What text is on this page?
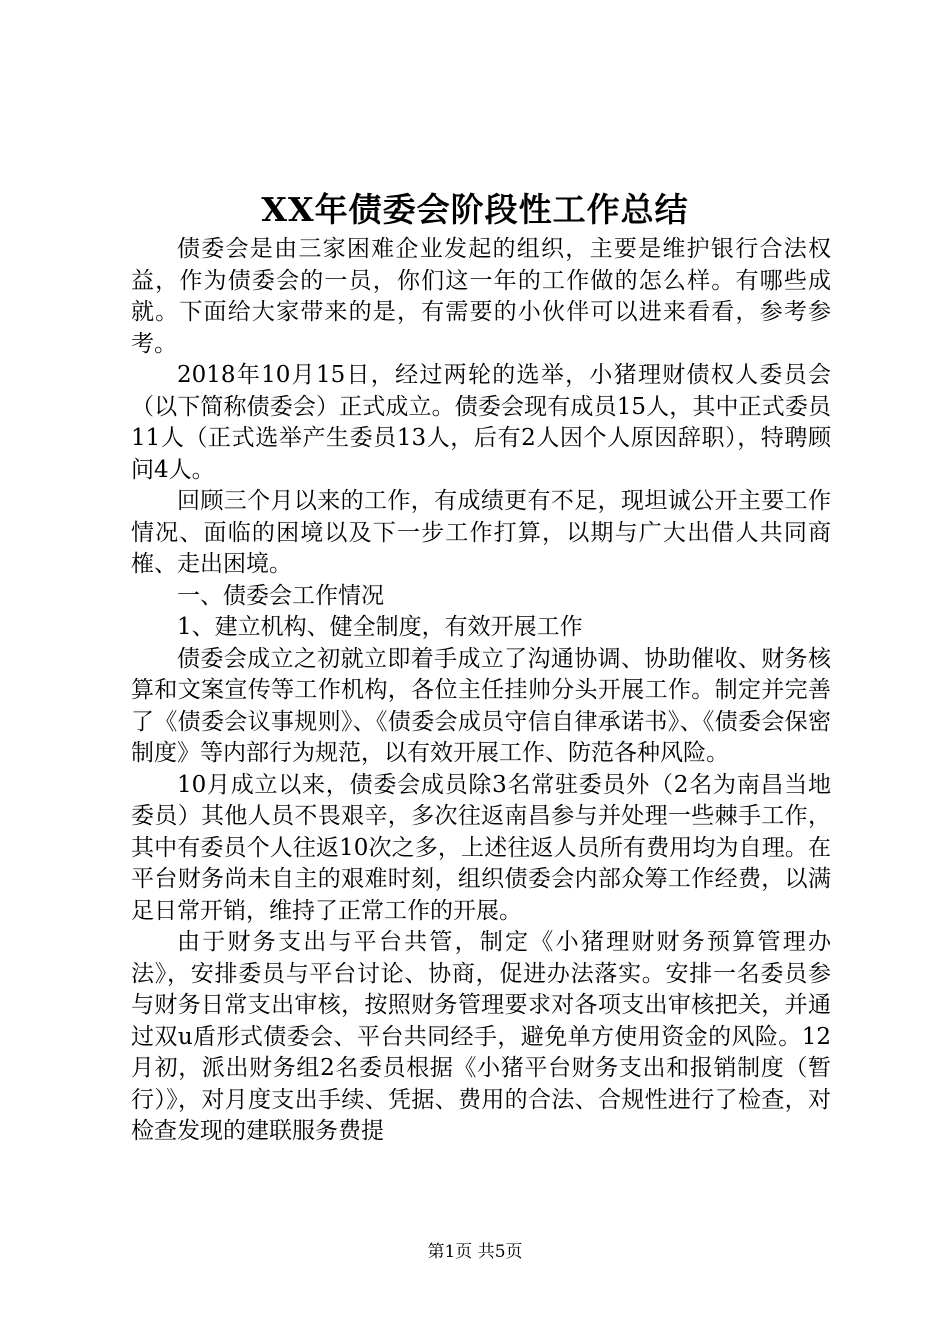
XX年债委会阶段性工作总结

债委会是由三家困难企业发起的组织，主要是维护银行合法权益，作为债委会的一员，你们这一年的工作做的怎么样。有哪些成就。下面给大家带来的是，有需要的小伙伴可以进来看看，参考参考。

2018年10月15日，经过两轮的选举，小猪理财债权人委员会（以下简称债委会）正式成立。债委会现有成员15人，其中正式委员11人（正式选举产生委员13人，后有2人因个人原因辞职），特聘顾问4人。

回顾三个月以来的工作，有成绩更有不足，现坦诚公开主要工作情况、面临的困境以及下一步工作打算，以期与广大出借人共同商榷、走出困境。

一、债委会工作情况

1、建立机构、健全制度，有效开展工作

债委会成立之初就立即着手成立了沟通协调、协助催收、财务核算和文案宣传等工作机构，各位主任挂帅分头开展工作。制定并完善了《债委会议事规则》、《债委会成员守信自律承诺书》、《债委会保密制度》等内部行为规范，以有效开展工作、防范各种风险。

10月成立以来，债委会成员除3名常驻委员外（2名为南昌当地委员）其他人员不畏艰辛，多次往返南昌参与并处理一些棘手工作，其中有委员个人往返10次之多，上述往返人员所有费用均为自理。在平台财务尚未自主的艰难时刻，组织债委会内部众筹工作经费，以满足日常开销，维持了正常工作的开展。

由于财务支出与平台共管，制定《小猪理财财务预算管理办法》，安排委员与平台讨论、协商，促进办法落实。安排一名委员参与财务日常支出审核，按照财务管理要求对各项支出审核把关，并通过双u盾形式债委会、平台共同经手，避免单方使用资金的风险。12月初，派出财务组2名委员根据《小猪平台财务支出和报销制度（暂行）》，对月度支出手续、凭据、费用的合法、合规性进行了检查，对检查发现的建联服务费提

第1页 共5页
